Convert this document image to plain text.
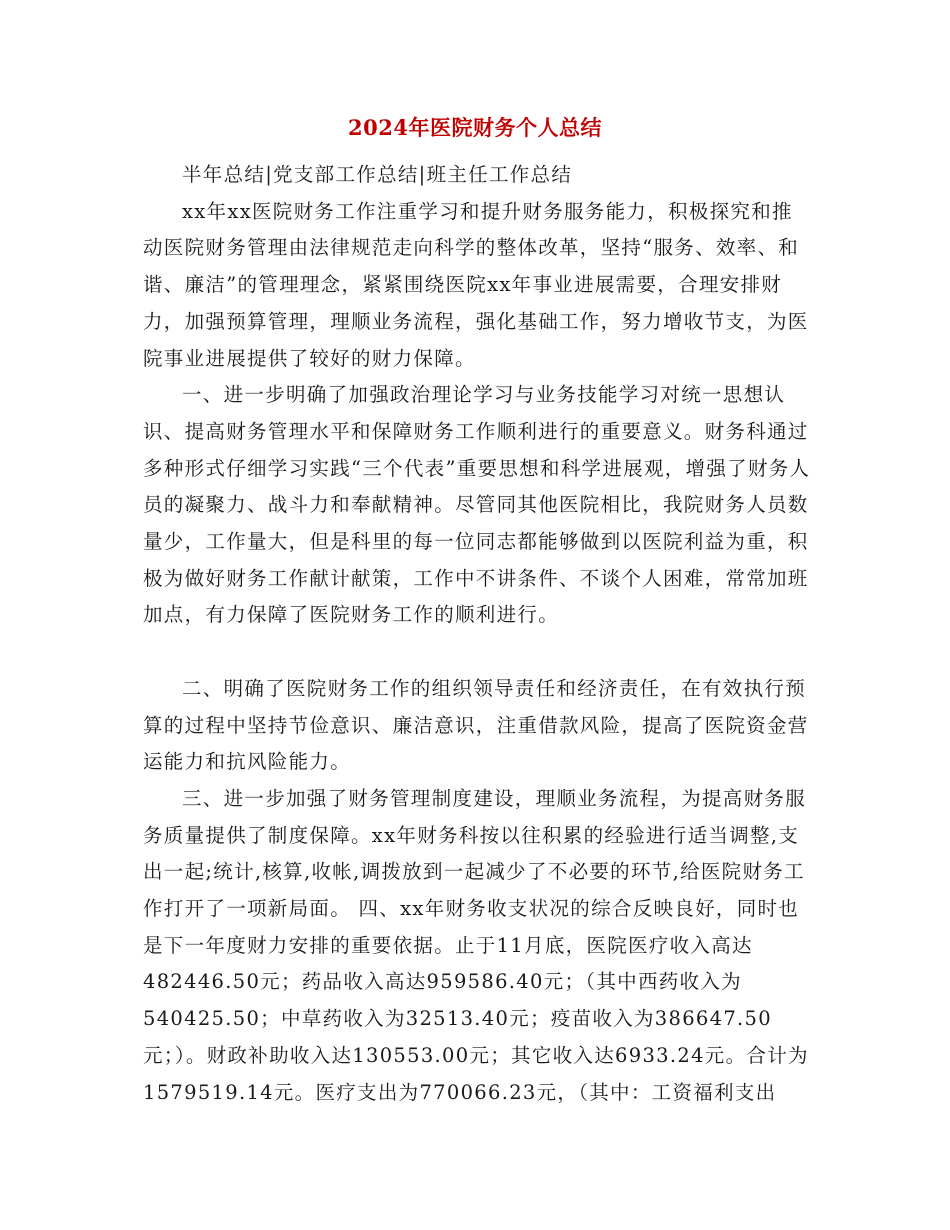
2024年医院财务个人总结

半年总结|党支部工作总结|班主任工作总结

xx年xx医院财务工作注重学习和提升财务服务能力，积极探究和推动医院财务管理由法律规范走向科学的整体改革，坚持“服务、效率、和谐、廉洁”的管理理念，紧紧围绕医院xx年事业进展需要，合理安排财力，加强预算管理，理顺业务流程，强化基础工作，努力增收节支，为医院事业进展提供了较好的财力保障。

一、进一步明确了加强政治理论学习与业务技能学习对统一思想认识、提高财务管理水平和保障财务工作顺利进行的重要意义。财务科通过多种形式仔细学习实践“三个代表”重要思想和科学进展观，增强了财务人员的凝聚力、战斗力和奉献精神。尽管同其他医院相比，我院财务人员数量少，工作量大，但是科里的每一位同志都能够做到以医院利益为重，积极为做好财务工作献计献策，工作中不讲条件、不谈个人困难，常常加班加点，有力保障了医院财务工作的顺利进行。

二、明确了医院财务工作的组织领导责任和经济责任，在有效执行预算的过程中坚持节俭意识、廉洁意识，注重借款风险，提高了医院资金营运能力和抗风险能力。

三、进一步加强了财务管理制度建设，理顺业务流程，为提高财务服务质量提供了制度保障。xx年财务科按以往积累的经验进行适当调整,支出一起;统计,核算,收帐,调拨放到一起减少了不必要的环节,给医院财务工作打开了一项新局面。 四、xx年财务收支状况的综合反映良好，同时也是下一年度财力安排的重要依据。止于11月底，医院医疗收入高达482446.50元；药品收入高达959586.40元；（其中西药收入为540425.50；中草药收入为32513.40元；疫苗收入为386647.50元；）。财政补助收入达130553.00元；其它收入达6933.24元。合计为1579519.14元。医疗支出为770066.23元，（其中：工资福利支出
